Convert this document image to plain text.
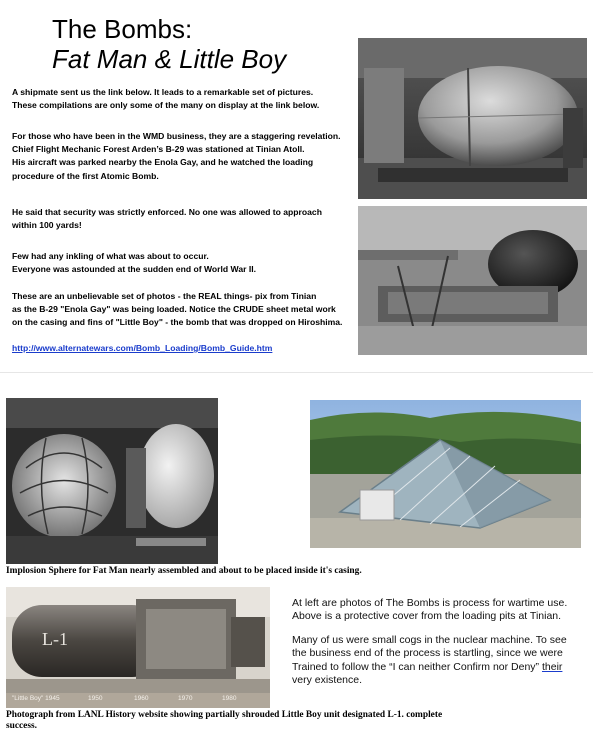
The Bombs:
Fat Man & Little Boy
A shipmate sent us the link below. It leads to a remarkable set of pictures.
These compilations are only some of the many on display at the link below.
For those who have been in the WMD business, they are a staggering revelation.
Chief Flight Mechanic Forest Arden’s B-29 was stationed at Tinian Atoll.
His aircraft was parked nearby the Enola Gay, and he watched the loading
procedure of the first Atomic Bomb.
He said that security was strictly enforced. No one was allowed to approach
within 100 yards!
Few had any inkling of what was about to occur.
Everyone was astounded at the sudden end of World War II.
These are an unbelievable set of photos - the REAL things- pix from Tinian
as the B-29 "Enola Gay" was being loaded. Notice the CRUDE sheet metal work
on the casing and fins of "Little Boy" - the bomb that was dropped on Hiroshima.
http://www.alternatewars.com/Bomb_Loading/Bomb_Guide.htm
Implosion Sphere for Fat Man nearly assembled and about to be placed inside it's casing.
L-1
"Little Boy" 1945	1950	1960	1970	1980

At left are photos of The Bombs is process for wartime use. Above is a protective cover from the loading pits at Tinian.

Many of us were small cogs in the nuclear machine. To see the business end of the process is startling, since we were Trained to follow the “I can neither Confirm nor Deny” their very existence.

Photograph from LANL History website showing partially shrouded Little Boy unit designated L-1. complete success.
